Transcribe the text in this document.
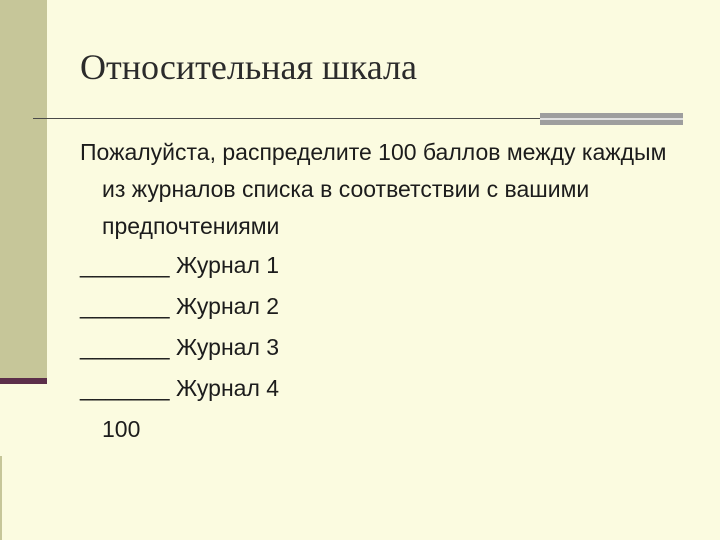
Относительная шкала

Пожалуйста, распределите 100 баллов между каждым из журналов списка в соответствии с вашими предпочтениями

_______ Журнал 1

_______ Журнал 2

_______ Журнал 3

_______ Журнал 4

100
